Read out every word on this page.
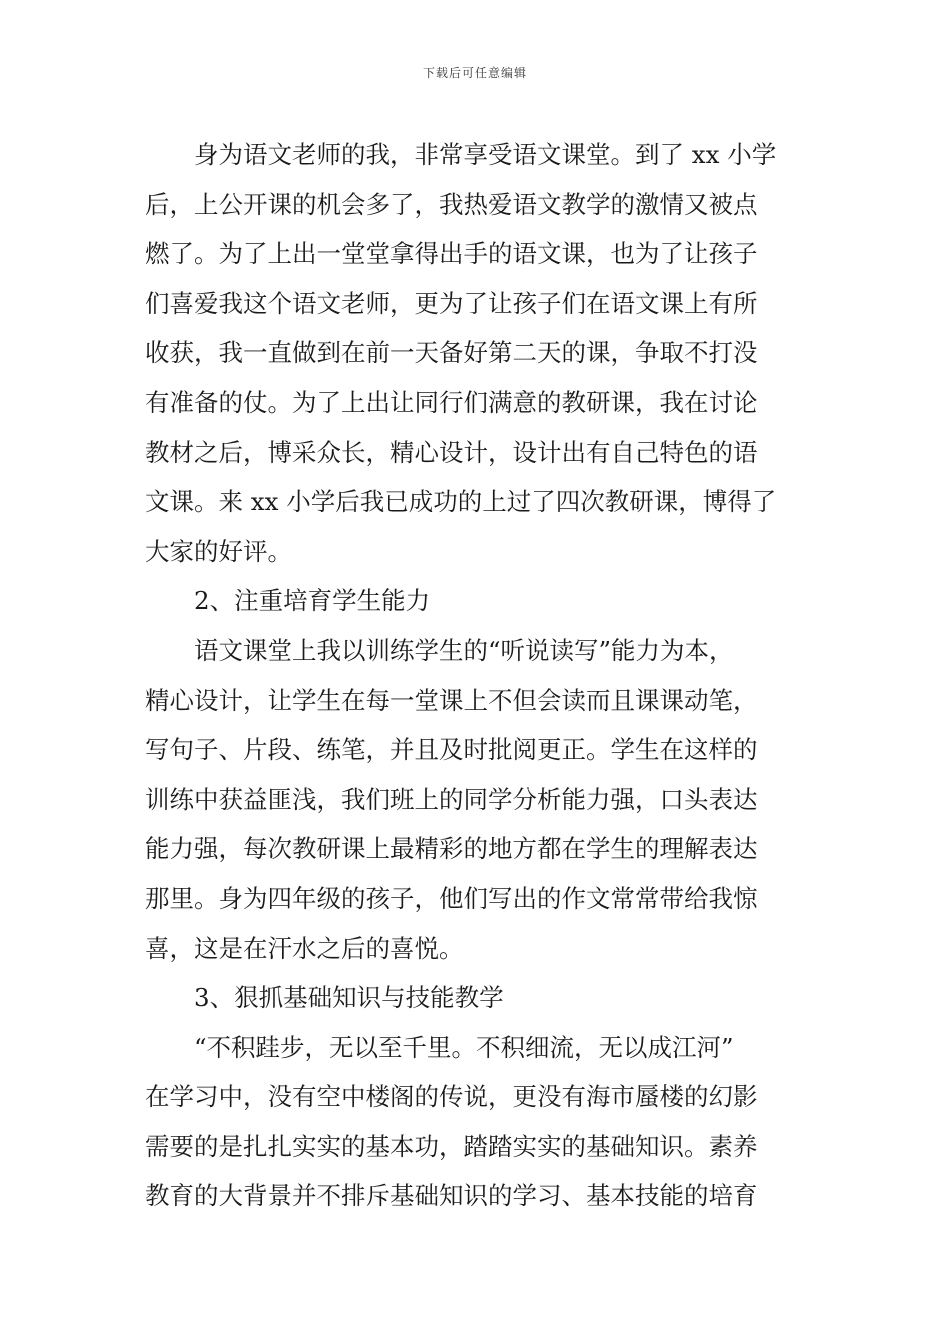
下载后可任意编辑
身为语文老师的我，非常享受语文课堂。到了 xx 小学
后，上公开课的机会多了，我热爱语文教学的激情又被点
燃了。为了上出一堂堂拿得出手的语文课，也为了让孩子
们喜爱我这个语文老师，更为了让孩子们在语文课上有所
收获，我一直做到在前一天备好第二天的课，争取不打没
有准备的仗。为了上出让同行们满意的教研课，我在讨论
教材之后，博采众长，精心设计，设计出有自己特色的语
文课。来 xx 小学后我已成功的上过了四次教研课，博得了
大家的好评。
2、注重培育学生能力
语文课堂上我以训练学生的“听说读写”能力为本，
精心设计，让学生在每一堂课上不但会读而且课课动笔，
写句子、片段、练笔，并且及时批阅更正。学生在这样的
训练中获益匪浅，我们班上的同学分析能力强，口头表达
能力强，每次教研课上最精彩的地方都在学生的理解表达
那里。身为四年级的孩子，他们写出的作文常常带给我惊
喜，这是在汗水之后的喜悦。
3、狠抓基础知识与技能教学
“不积跬步，无以至千里。不积细流，无以成江河”
在学习中，没有空中楼阁的传说，更没有海市蜃楼的幻影
需要的是扎扎实实的基本功，踏踏实实的基础知识。素养
教育的大背景并不排斥基础知识的学习、基本技能的培育
